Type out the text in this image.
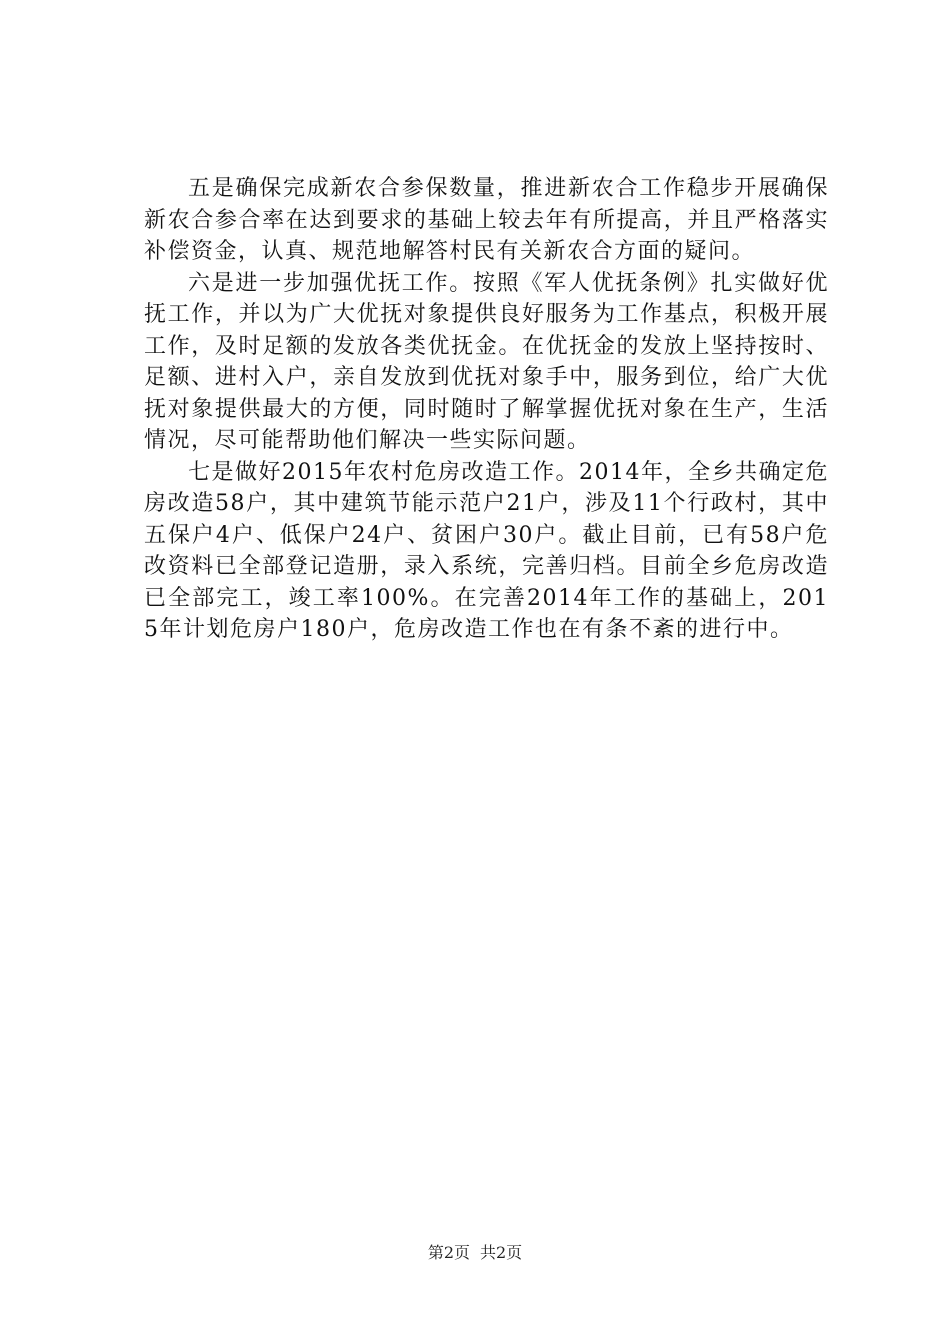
五是确保完成新农合参保数量，推进新农合工作稳步开展确保新农合参合率在达到要求的基础上较去年有所提高，并且严格落实补偿资金，认真、规范地解答村民有关新农合方面的疑问。

六是进一步加强优抚工作。按照《军人优抚条例》扎实做好优抚工作，并以为广大优抚对象提供良好服务为工作基点，积极开展工作，及时足额的发放各类优抚金。在优抚金的发放上坚持按时、足额、进村入户，亲自发放到优抚对象手中，服务到位，给广大优抚对象提供最大的方便，同时随时了解掌握优抚对象在生产，生活情况，尽可能帮助他们解决一些实际问题。

七是做好2015年农村危房改造工作。2014年，全乡共确定危房改造58户，其中建筑节能示范户21户，涉及11个行政村，其中五保户4户、低保户24户、贫困户30户。截止目前，已有58户危改资料已全部登记造册，录入系统，完善归档。目前全乡危房改造已全部完工，竣工率100%。在完善2014年工作的基础上，2015年计划危房户180户，危房改造工作也在有条不紊的进行中。

第2页 共2页
